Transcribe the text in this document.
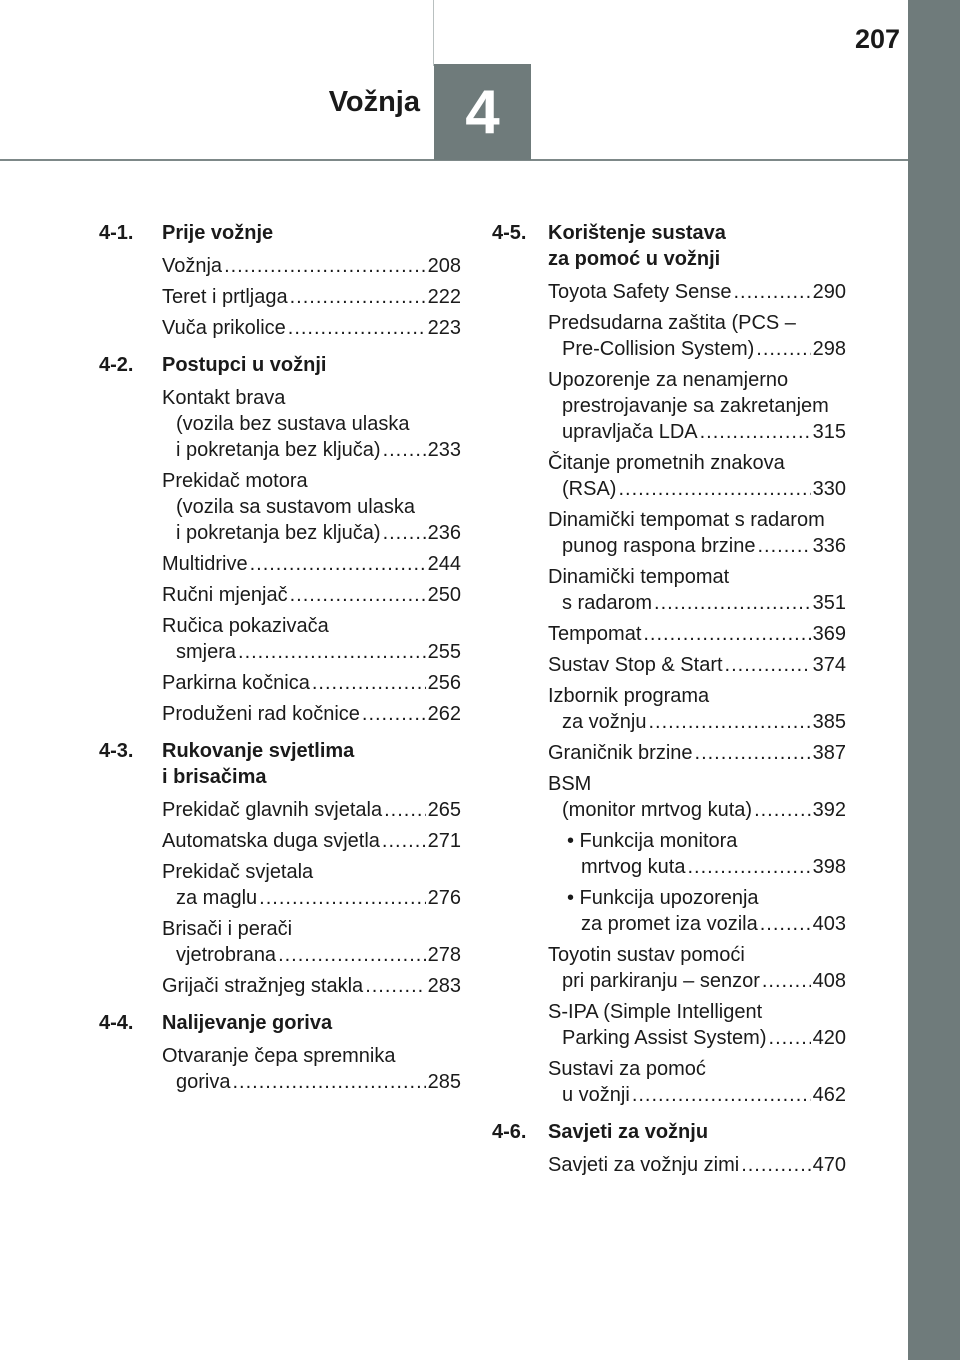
4
Vožnja
207
4-1.	Prije vožnje
Vožnja .....	208
Teret i prtljaga .....	222
Vuča prikolice .....	223
4-2.	Postupci u vožnji
Kontakt brava
(vozila bez sustava ulaska
i pokretanja bez ključa) ..... 233
Prekidač motora
(vozila sa sustavom ulaska
i pokretanja bez ključa) ..... 236
Multidrive .....	244
Ručni mjenjač .....	250
Ručica pokazivača
smjera .....	255
Parkirna kočnica .....	256
Produženi rad kočnice .....	262
4-3.	Rukovanje svjetlima
i brisačima
Prekidač glavnih svjetala ..... 265
Automatska duga svjetla ..... 271
Prekidač svjetala
za maglu .....	276
Brisači i perači
vjetrobrana .....	278
Grijači stražnjeg stakla .....	283
4-4.	Nalijevanje goriva
Otvaranje čepa spremnika
goriva .....	285
4-5.	Korištenje sustava
za pomoć u vožnji
Toyota Safety Sense .....	290
Predsudarna zaštita (PCS –
Pre-Collision System) .....	298
Upozorenje za nenamjerno
prestrojavanje sa zakretanjem
upravljača LDA .....	315
Čitanje prometnih znakova
(RSA) .....	330
Dinamički tempomat s radarom
punog raspona brzine .....	336
Dinamički tempomat
s radarom .....	351
Tempomat .....	369
Sustav Stop & Start .....	374
Izbornik programa
za vožnju .....	385
Graničnik brzine .....	387
BSM
(monitor mrtvog kuta) .....	392
• Funkcija monitora
mrtvog kuta .....	398
• Funkcija upozorenja
za promet iza vozila .....	403
Toyotin sustav pomoći
pri parkiranju – senzor .....	408
S-IPA (Simple Intelligent
Parking Assist System) ..... 420
Sustavi za pomoć
u vožnji .....	462
4-6.	Savjeti za vožnju
Savjeti za vožnju zimi .....	470
